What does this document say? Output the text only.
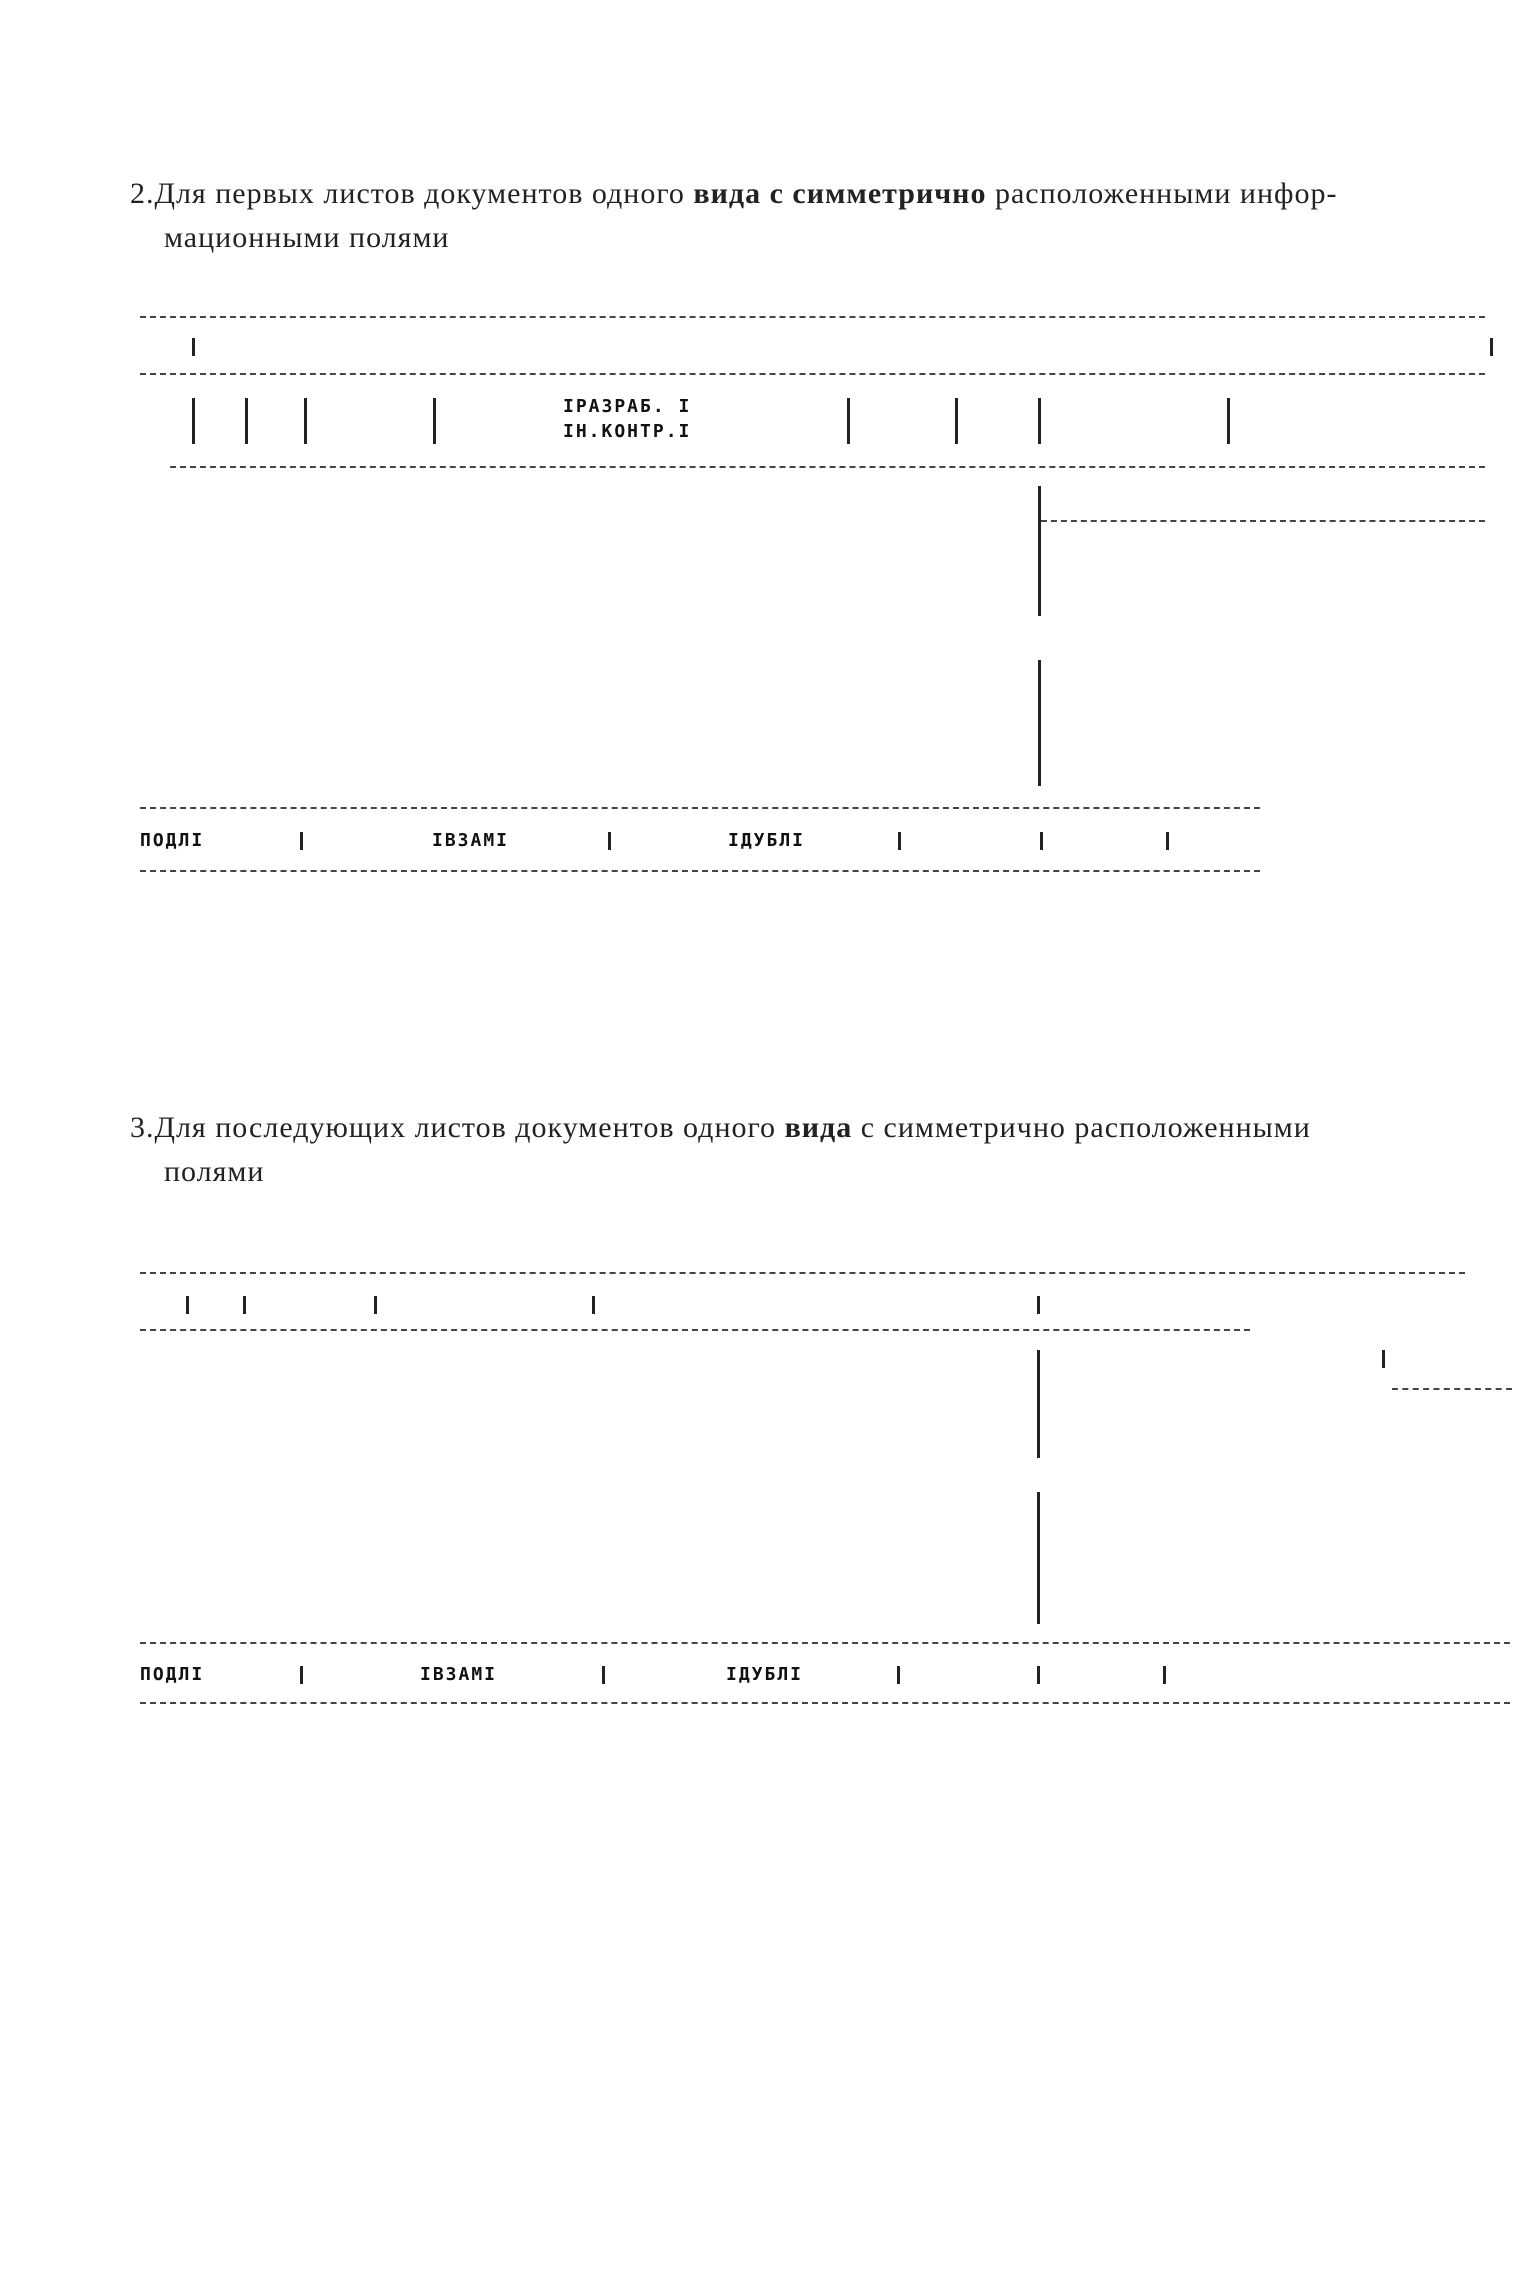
2.Для первых листов документов одного вида с симметрично расположенными инфор-
мационными полями
IРАЗРАБ. I
IН.КОНТР.I
ПОДЛI	IВЗАМI	IДУБЛI
3.Для последующих листов документов одного вида с симметрично расположенными
полями
ПОДЛI	IВЗАМI	IДУБЛI
